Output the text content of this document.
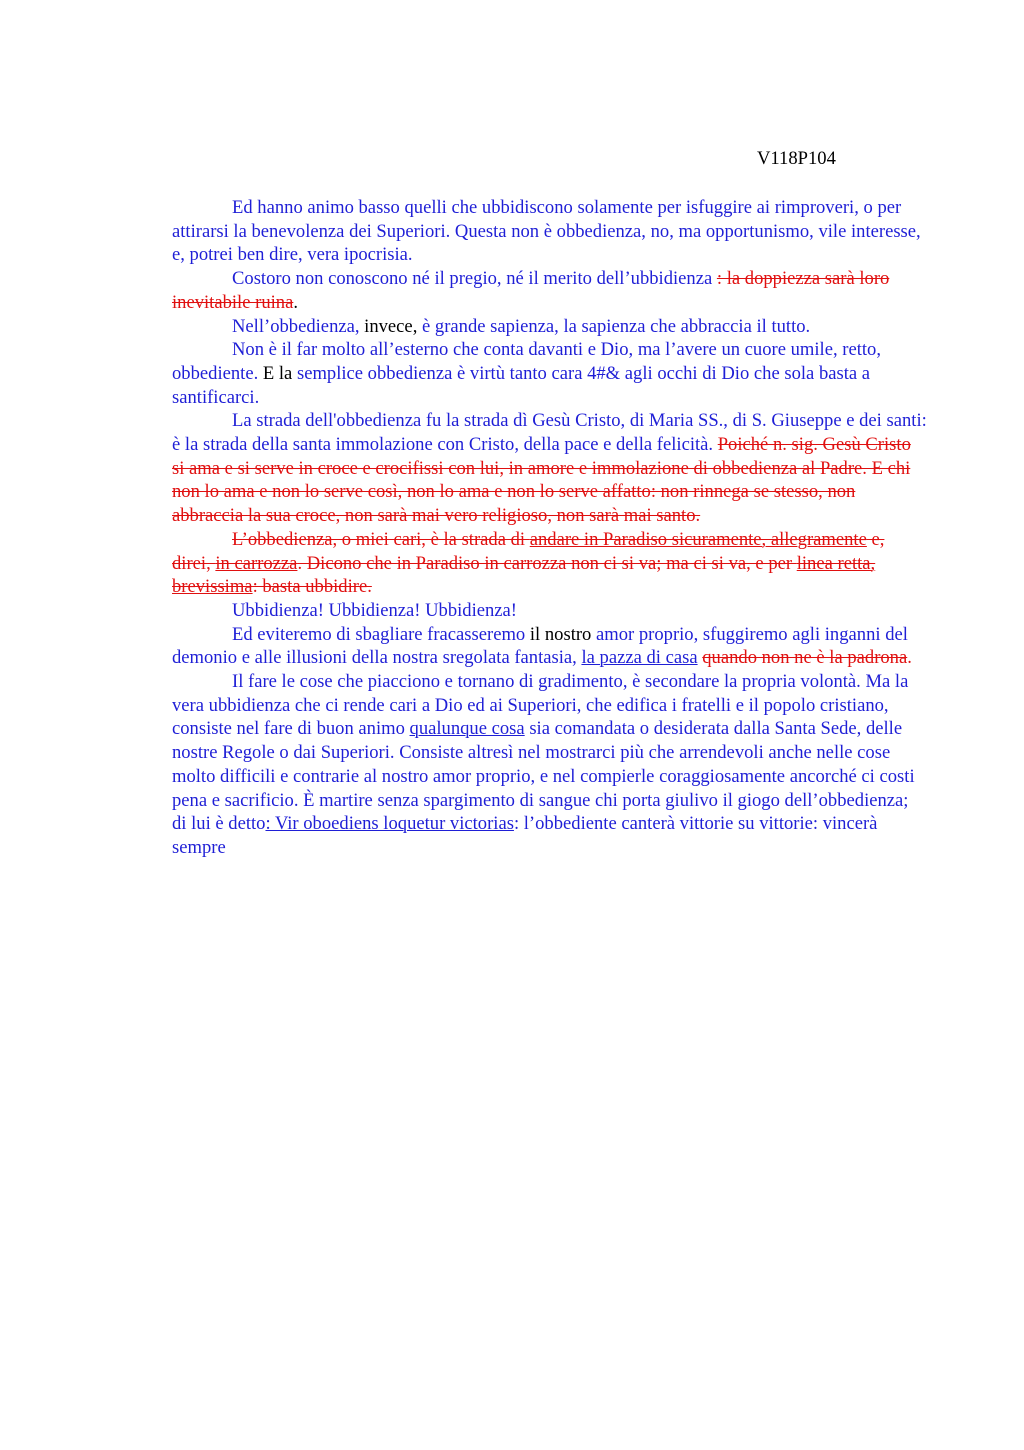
V118P104

Ed hanno animo basso quelli che ubbidiscono solamente per isfuggire ai rimproveri, o per attirarsi la benevolenza dei Superiori. Questa non è obbedienza, no, ma opportunismo, vile interesse, e, potrei ben dire, vera ipocrisia.

Costoro non conoscono né il pregio, né il merito dell’ubbidienza : la doppiezza sarà loro inevitabile ruina.

Nell’obbedienza, invece, è grande sapienza, la sapienza che abbraccia il tutto.

Non è il far molto all’esterno che conta davanti e Dio, ma l’avere un cuore umile, retto, obbediente. E la semplice obbedienza è virtù tanto cara 4#& agli occhi di Dio che sola basta a santificarci.

La strada dell'obbedienza fu la strada dì Gesù Cristo, di Maria SS., di S. Giuseppe e dei santi: è la strada della santa immolazione con Cristo, della pace e della felicità. Poiché n. sig. Gesù Cristo si ama e si serve in croce e crocifissi con lui, in amore e immolazione di obbedienza al Padre. E chi non lo ama e non lo serve così, non lo ama e non lo serve affatto: non rinnega se stesso, non abbraccia la sua croce, non sarà mai vero religioso, non sarà mai santo.

L’obbedienza, o miei cari, è la strada di andare in Paradiso sicuramente, allegramente e, direi, in carrozza. Dicono che in Paradiso in carrozza non ci si va; ma ci si va, e per linea retta, brevissima: basta ubbidire.

Ubbidienza! Ubbidienza! Ubbidienza!

Ed eviteremo di sbagliare fracasseremo il nostro amor proprio, sfuggiremo agli inganni del demonio e alle illusioni della nostra sregolata fantasia, la pazza di casa quando non ne è la padrona.

Il fare le cose che piacciono e tornano di gradimento, è secondare la propria volontà. Ma la vera ubbidienza che ci rende cari a Dio ed ai Superiori, che edifica i fratelli e il popolo cristiano, consiste nel fare di buon animo qualunque cosa sia comandata o desiderata dalla Santa Sede, delle nostre Regole o dai Superiori. Consiste altresì nel mostrarci più che arrendevoli anche nelle cose molto difficili e contrarie al nostro amor proprio, e nel compierle coraggiosamente ancorché ci costi pena e sacrificio. È martire senza spargimento di sangue chi porta giulivo il giogo dell’obbedienza; di lui è detto: Vir oboediens loquetur victorias: l’obbediente canterà vittorie su vittorie: vincerà sempre
